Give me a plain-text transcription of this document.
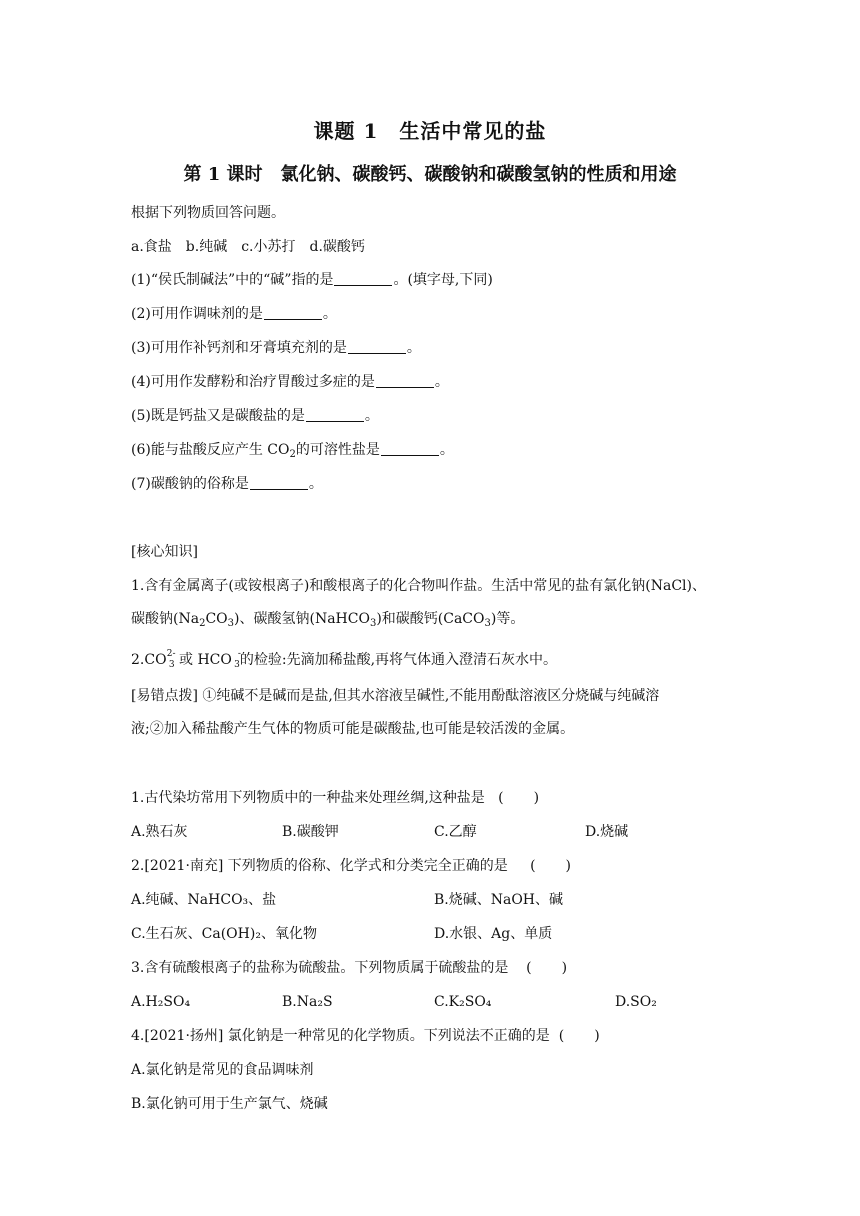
课题 1　生活中常见的盐
第 1 课时　氯化钠、碳酸钙、碳酸钠和碳酸氢钠的性质和用途
根据下列物质回答问题。
a.食盐　b.纯碱　c.小苏打　d.碳酸钙
(1)“侯氏制碱法”中的“碱”指的是	。(填字母,下同)
(2)可用作调味剂的是	。
(3)可用作补钙剂和牙膏填充剂的是	。
(4)可用作发酵粉和治疗胃酸过多症的是	。
(5)既是钙盐又是碳酸盐的是	。
(6)能与盐酸反应产生 $CO_2$的可溶性盐是	。
(7)碳酸钠的俗称是	。
[核心知识]
1.含有金属离子(或铵根离子)和酸根离子的化合物叫作盐。生活中常见的盐有氯化钠(NaCl)、
碳酸钠$(Na_2CO_3)$、碳酸氢钠(NaHCO$_3$)和碳酸钙(CaCO$_3$)等。
2.CO 2-
3 或 HCO -
3 的检验:先滴加稀盐酸,再将气体通入澄清石灰水中。
[易错点拨] ①纯碱不是碱而是盐,但其水溶液呈碱性,不能用酚酞溶液区分烧碱与纯碱溶
液;②加入稀盐酸产生气体的物质可能是碳酸盐,也可能是较活泼的金属。
1.古代染坊常用下列物质中的一种盐来处理丝绸,这种盐是 ( )
A.熟石灰	B.碳酸钾	C.乙醇	D.烧碱
2.[2021·南充] 下列物质的俗称、化学式和分类完全正确的是 ( )
A.纯碱、NaHCO₃、盐	B.烧碱、NaOH、碱
C.生石灰、Ca(OH)₂、氧化物	D.水银、Ag、单质
3.含有硫酸根离子的盐称为硫酸盐。下列物质属于硫酸盐的是 ( )
A.H₂SO₄	B.Na₂S	C.K₂SO₄	D.SO₂
4.[2021·扬州] 氯化钠是一种常见的化学物质。下列说法不正确的是 ( )
A.氯化钠是常见的食品调味剂
B.氯化钠可用于生产氯气、烧碱
